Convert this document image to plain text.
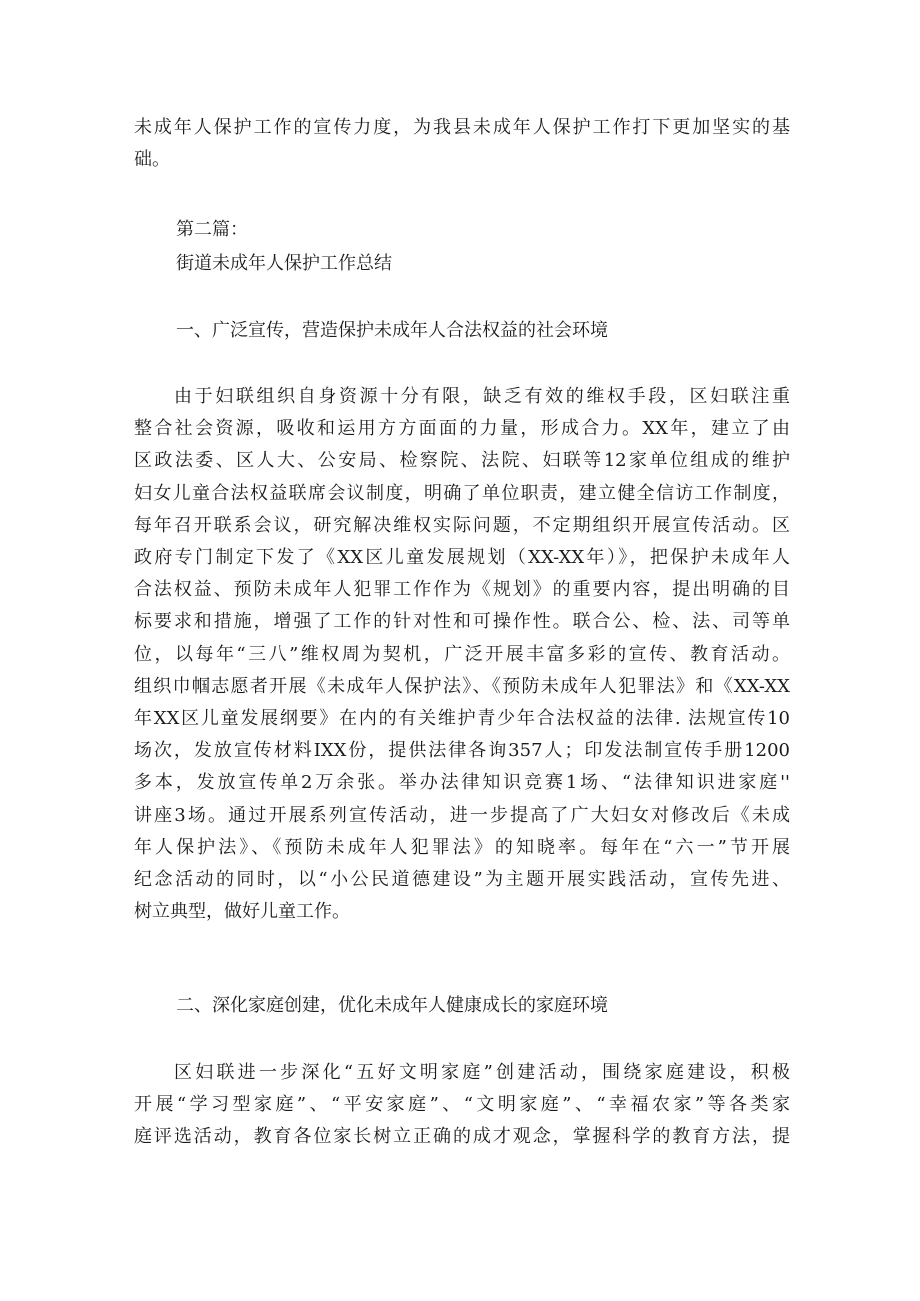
未成年人保护工作的宣传力度，为我县未成年人保护工作打下更加坚实的基
础。
第二篇：
街道未成年人保护工作总结
一、广泛宣传，营造保护未成年人合法权益的社会环境
由于妇联组织自身资源十分有限，缺乏有效的维权手段，区妇联注重
整合社会资源，吸收和运用方方面面的力量，形成合力。XX年，建立了由
区政法委、区人大、公安局、检察院、法院、妇联等12家单位组成的维护
妇女儿童合法权益联席会议制度，明确了单位职责，建立健全信访工作制度，
每年召开联系会议，研究解决维权实际问题，不定期组织开展宣传活动。区
政府专门制定下发了《XX区儿童发展规划（XX-XX年）》，把保护未成年人
合法权益、预防未成年人犯罪工作作为《规划》的重要内容，提出明确的目
标要求和措施，增强了工作的针对性和可操作性。联合公、检、法、司等单
位，以每年“三八”维权周为契机，广泛开展丰富多彩的宣传、教育活动。
组织巾帼志愿者开展《未成年人保护法》、《预防未成年人犯罪法》和《XX-XX
年XX区儿童发展纲要》在内的有关维护青少年合法权益的法律. 法规宣传10
场次，发放宣传材料IXX份，提供法律各询357人；印发法制宣传手册1200
多本，发放宣传单2万余张。举办法律知识竞赛1场、“法律知识进家庭''
讲座3场。通过开展系列宣传活动，进一步提高了广大妇女对修改后《未成
年人保护法》、《预防未成年人犯罪法》的知晓率。每年在“六一”节开展
纪念活动的同时，以“小公民道德建设”为主题开展实践活动，宣传先进、
树立典型，做好儿童工作。
二、深化家庭创建，优化未成年人健康成长的家庭环境
区妇联进一步深化“五好文明家庭”创建活动，围绕家庭建设，积极
开展“学习型家庭”、“平安家庭”、“文明家庭”、“幸福农家”等各类家
庭评选活动，教育各位家长树立正确的成才观念，掌握科学的教育方法，提
